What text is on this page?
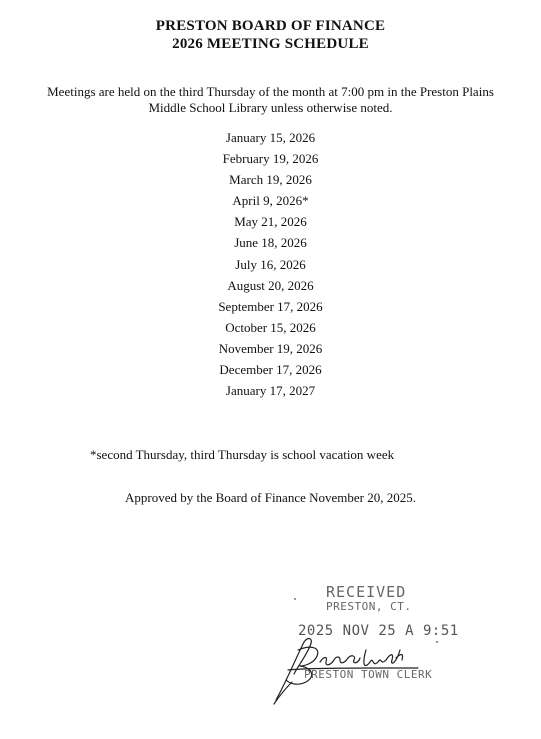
PRESTON BOARD OF FINANCE
2026 MEETING SCHEDULE
Meetings are held on the third Thursday of the month at 7:00 pm in the Preston Plains
Middle School Library unless otherwise noted.
January 15, 2026
February 19, 2026
March 19, 2026
April 9, 2026*
May 21, 2026
June 18, 2026
July 16, 2026
August 20, 2026
September 17, 2026
October 15, 2026
November 19, 2026
December 17, 2026
January 17, 2027
*second Thursday, third Thursday is school vacation week
Approved by the Board of Finance November 20, 2025.
RECEIVED
PRESTON, CT.
2025 NOV 25 A 9:51
PRESTON TOWN CLERK
